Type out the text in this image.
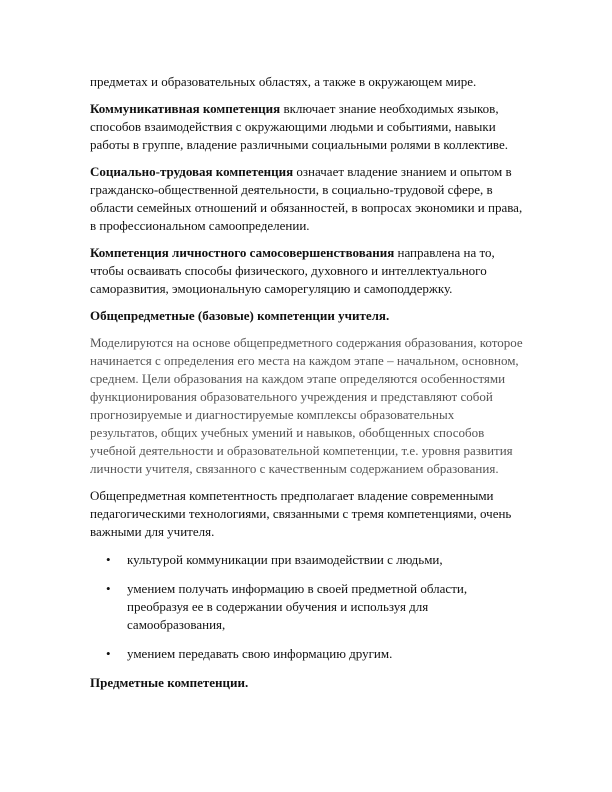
предметах и образовательных областях, а также в окружающем мире.

Коммуникативная компетенция включает знание необходимых языков, способов взаимодействия с окружающими людьми и событиями, навыки работы в группе, владение различными социальными ролями в коллективе.

Социально-трудовая компетенция означает владение знанием и опытом в гражданско-общественной деятельности, в социально-трудовой сфере, в области семейных отношений и обязанностей, в вопросах экономики и права, в профессиональном самоопределении.

Компетенция личностного самосовершенствования направлена на то, чтобы осваивать способы физического, духовного и интеллектуального саморазвития, эмоциональную саморегуляцию и самоподдержку.

Общепредметные (базовые) компетенции учителя.

Моделируются на основе общепредметного содержания образования, которое начинается с определения его места на каждом этапе – начальном, основном, среднем. Цели образования на каждом этапе определяются особенностями функционирования образовательного учреждения и представляют собой прогнозируемые и диагностируемые комплексы образовательных результатов, общих учебных умений и навыков, обобщенных способов учебной деятельности и образовательной компетенции, т.е. уровня развития личности учителя, связанного с качественным содержанием образования.

Общепредметная компетентность предполагает владение современными педагогическими технологиями, связанными с тремя компетенциями, очень важными для учителя.

• культурой коммуникации при взаимодействии с людьми,
• умением получать информацию в своей предметной области, преобразуя ее в содержании обучения и используя для самообразования,
• умением передавать свою информацию другим.

Предметные компетенции.
